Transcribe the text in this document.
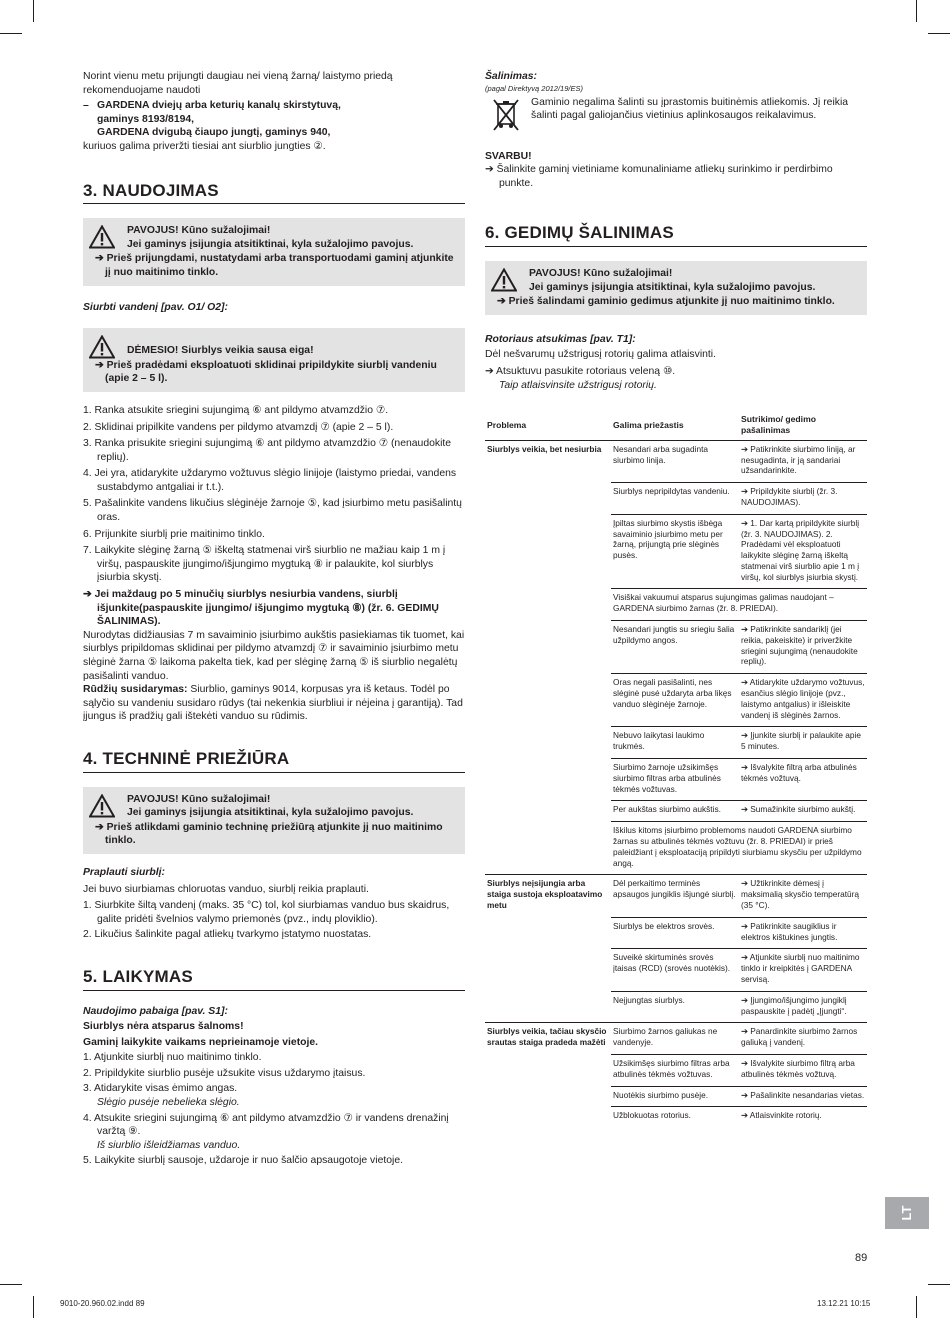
Norint vienu metu prijungti daugiau nei vieną žarną/ laistymo priedą rekomenduojame naudoti

– GARDENA dviejų arba keturių kanalų skirstytuvą,

gaminys 8193/8194,

GARDENA dvigubą čiaupo jungtį, gaminys 940,

kuriuos galima priveržti tiesiai ant siurblio jungties ②.

3. NAUDOJIMAS

PAVOJUS! Kūno sužalojimai!

Jei gaminys įsijungia atsitiktinai, kyla sužalojimo pavojus.

➔ Prieš prijungdami, nustatydami arba transportuodami gaminį atjunkite jį nuo maitinimo tinklo.

Siurbti vandenį [pav. O1/ O2]:

DĖMESIO! Siurblys veikia sausa eiga!

➔ Prieš pradėdami eksploatuoti sklidinai pripildykite siurblį vandeniu (apie 2 – 5 l).

1. Ranka atsukite sriegini sujungimą ⑥ ant pildymo atvamzdžio ⑦.

2. Sklidinai pripilkite vandens per pildymo atvamzdį ⑦ (apie 2 – 5 l).

3. Ranka prisukite sriegini sujungimą ⑥ ant pildymo atvamzdžio ⑦ (nenaudokite replių).

4. Jei yra, atidarykite uždarymo vožtuvus slėgio linijoje (laistymo priedai, vandens sustabdymo antgaliai ir t.t.).

5. Pašalinkite vandens likučius slėginėje žarnoje ⑤, kad įsiurbimo metu pasišalintų oras.

6. Prijunkite siurblį prie maitinimo tinklo.

7. Laikykite slėginę žarną ⑤ iškeltą statmenai virš siurblio ne mažiau kaip 1 m į viršų, paspauskite įjungimo/išjungimo mygtuką ⑧ ir palaukite, kol siurblys įsiurbia skystį.

➔ Jei maždaug po 5 minučių siurblys nesiurbia vandens, siurblį išjunkite(paspauskite įjungimo/ išjungimo mygtuką ⑧) (žr. 6. GEDIMŲ ŠALINIMAS).

Nurodytas didžiausias 7 m savaiminio įsiurbimo aukštis pasiekiamas tik tuomet, kai siurblys pripildomas sklidinai per pildymo atvamzdį ⑦ ir savaiminio įsiurbimo metu slėginė žarna ⑤ laikoma pakelta tiek, kad per slėginę žarną ⑤ iš siurblio negalėtų pasišalinti vanduo.

Rūdžių susidarymas: Siurblio, gaminys 9014, korpusas yra iš ketaus. Todėl po sąlyčio su vandeniu susidaro rūdys (tai nekenkia siurbliui ir nėjeina į garantiją). Tad įjungus iš pradžių gali ištekėti vanduo su rūdimis.

4. TECHNINĖ PRIEŽIŪRA

PAVOJUS! Kūno sužalojimai!

Jei gaminys įsijungia atsitiktinai, kyla sužalojimo pavojus.

➔ Prieš atlikdami gaminio techninę priežiūrą atjunkite jį nuo maitinimo tinklo.

Praplauti siurblį:

Jei buvo siurbiamas chloruotas vanduo, siurblį reikia praplauti.

1. Siurbkite šiltą vandenį (maks. 35 °C) tol, kol siurbiamas vanduo bus skaidrus, galite pridėti švelnios valymo priemonės (pvz., indų ploviklio).

2. Likučius šalinkite pagal atliekų tvarkymo įstatymo nuostatas.

5. LAIKYMAS

Naudojimo pabaiga [pav. S1]:

Siurblys nėra atsparus šalnoms!

Gaminį laikykite vaikams neprieinamoje vietoje.

1. Atjunkite siurblį nuo maitinimo tinklo.

2. Pripildykite siurblio pusėje užsukite visus uždarymo įtaisus.

3. Atidarykite visas ėmimo angas.

Slėgio pusėje nebelieka slėgio.

4. Atsukite sriegini sujungimą ⑥ ant pildymo atvamzdžio ⑦ ir vandens drenažinį varžtą ⑨.

Iš siurblio išleidžiamas vanduo.

5. Laikykite siurblį sausoje, uždaroje ir nuo šalčio apsaugotoje vietoje.

Šalinimas:

(pagal Direktyvą 2012/19/ES)

Gaminio negalima šalinti su įprastomis buitinėmis atliekomis. Jį reikia šalinti pagal galiojančius vietinius aplinkosaugos reikalavimus.

SVARBU!

➔ Šalinkite gaminį vietiniame komunaliniame atliekų surinkimo ir perdirbimo punkte.

6. GEDIMŲ ŠALINIMAS

PAVOJUS! Kūno sužalojimai!

Jei gaminys įsijungia atsitiktinai, kyla sužalojimo pavojus.

➔ Prieš šalindami gaminio gedimus atjunkite jį nuo maitinimo tinklo.

Rotoriaus atsukimas [pav. T1]:

Dėl nešvarumų užstrigusį rotorių galima atlaisvinti.

➔ Atsuktuvu pasukite rotoriaus veleną ⑩.

Taip atlaisvinsite užstrigusį rotorių.

Problema	Galima priežastis	Sutrikimo/ gedimo pašalinimas
Siurblys veikia, bet nesiurbia	Nesandari arba sugadinta siurbimo linija.	➔ Patikrinkite siurbimo liniją, ar nesugadinta, ir ją sandariai užsandarinkite.
	Siurblys nepripildytas vandeniu.	➔ Pripildykite siurblį (žr. 3. NAUDOJIMAS).
	Įpiltas siurbimo skystis išbėga savaiminio įsiurbimo metu per žarną, prijungtą prie slėginės pusės.	➔ 1. Dar kartą pripildykite siurblį (žr. 3. NAUDOJIMAS). 2. Pradėdami vėl eksploatuoti laikykite slėginę žarną iškeltą statmenai virš siurblio apie 1 m į viršų, kol siurblys įsiurbia skystį.
	Visiškai vakuumui atsparus sujungimas galimas naudojant – GARDENA siurbimo žarnas (žr. 8. PRIEDAI).	
	Nesandari jungtis su sriegiu šalia užpildymo angos.	➔ Patikrinkite sandariklį (jei reikia, pakeiskite) ir priveržkite sriegini sujungimą (nenaudokite replių).
	Oras negali pasišalinti, nes slėginė pusė uždaryta arba likęs vanduo slėginėje žarnoje.	➔ Atidarykite uždarymo vožtuvus, esančius slėgio linijoje (pvz., laistymo antgalius) ir išleiskite vandenį iš slėginės žarnos.
	Nebuvo laikytasi laukimo trukmės.	➔ Įjunkite siurblį ir palaukite apie 5 minutes.
	Siurbimo žarnoje užsikimšęs siurbimo filtras arba atbulinės tėkmės vožtuvas.	➔ Išvalykite filtrą arba atbulinės tėkmės vožtuvą.
	Per aukštas siurbimo aukštis.	➔ Sumažinkite siurbimo aukštį.
	Iškilus kitoms įsiurbimo problemoms naudoti GARDENA siurbimo žarnas su atbulinės tėkmės vožtuvu (žr. 8. PRIEDAI) ir prieš paleidžiant į eksploataciją pripildyti siurbiamu skysčiu per užpildymo angą.	
Siurblys neįsijungia arba staiga sustoja eksploatavimo metu	Dėl perkaitimo terminės apsaugos jungiklis išjungė siurblį.	➔ Užtikrinkite dėmesį į maksimalią skysčio temperatūrą (35 °C).
	Siurblys be elektros srovės.	➔ Patikrinkite saugiklius ir elektros kištukines jungtis.
	Suveikė skirtuminės srovės įtaisas (RCD) (srovės nuotėkis).	➔ Atjunkite siurblį nuo maitinimo tinklo ir kreipkitės į GARDENA servisą.
	Neįjungtas siurblys.	➔ Įjungimo/išjungimo jungiklį paspauskite į padėtį „Įjungti“.
Siurblys veikia, tačiau skysčio srautas staiga pradeda mažėti	Siurbimo žarnos galiukas ne vandenyje.	➔ Panardinkite siurbimo žarnos galiuką į vandenį.
	Užsikimšęs siurbimo filtras arba atbulinės tėkmės vožtuvas.	➔ Išvalykite siurbimo filtrą arba atbulinės tėkmės vožtuvą.
	Nuotėkis siurbimo pusėje.	➔ Pašalinkite nesandarias vietas.
	Užblokuotas rotorius.	➔ Atlaisvinkite rotorių.
89
LT
9010-20.960.02.indd 89	13.12.21 10:15
